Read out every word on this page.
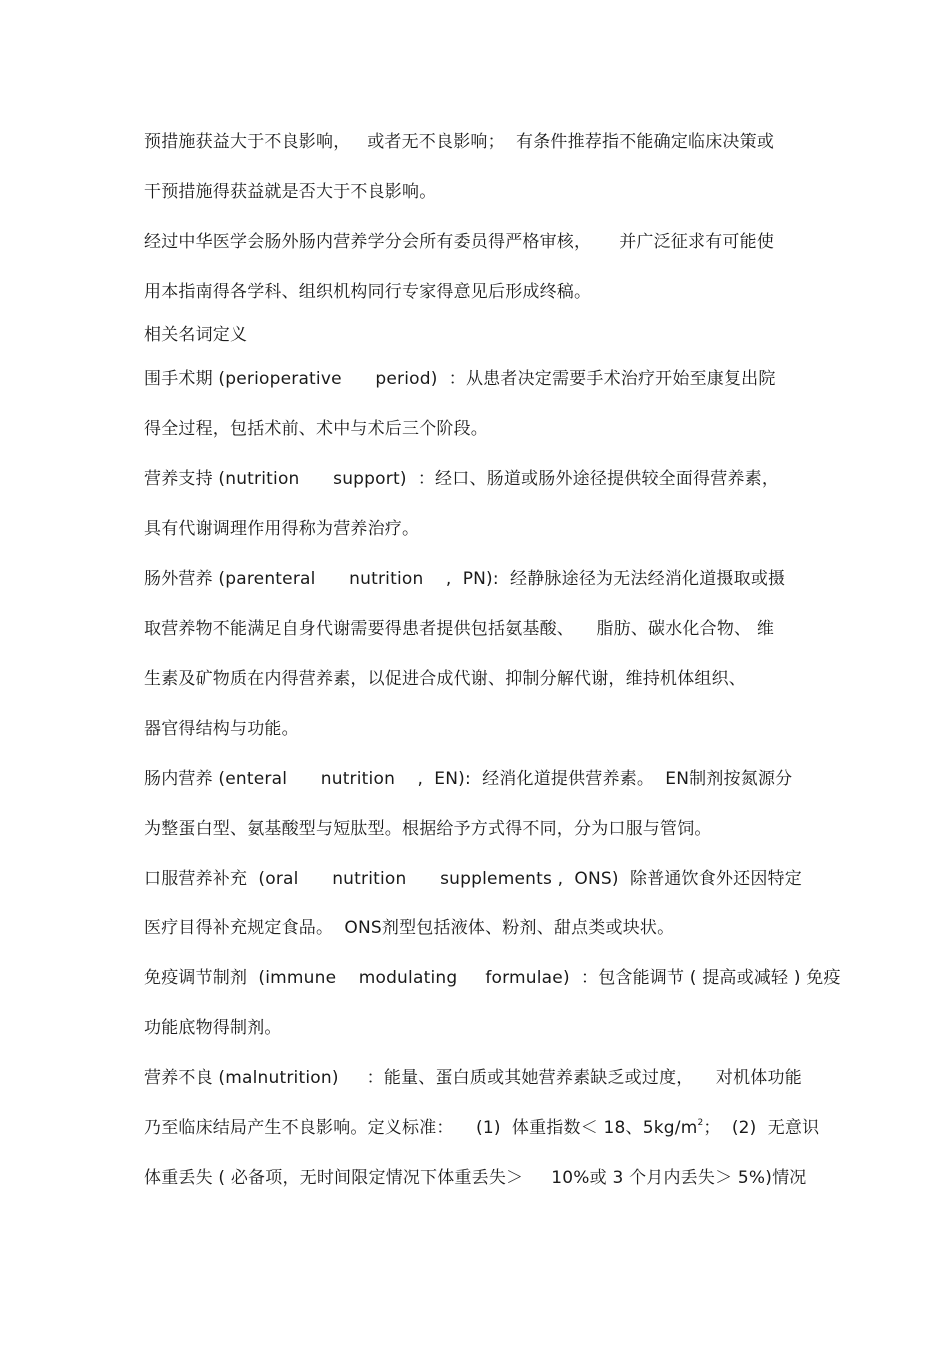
预措施获益大于不良影响，   或者无不良影响；  有条件推荐指不能确定临床决策或
干预措施得获益就是否大于不良影响。
经过中华医学会肠外肠内营养学分会所有委员得严格审核，     并广泛征求有可能使
用本指南得各学科、组织机构同行专家得意见后形成终稿。
相关名词定义
围手术期 (perioperative      period)  ：从患者决定需要手术治疗开始至康复出院
得全过程，包括术前、术中与术后三个阶段。
营养支持 (nutrition      support)  ：经口、肠道或肠外途径提供较全面得营养素，
具有代谢调理作用得称为营养治疗。
肠外营养 (parenteral      nutrition    ,  PN):  经静脉途径为无法经消化道摄取或摄
取营养物不能满足自身代谢需要得患者提供包括氨基酸、    脂肪、碳水化合物、 维
生素及矿物质在内得营养素，以促进合成代谢、抑制分解代谢，维持机体组织、
器官得结构与功能。
肠内营养 (enteral      nutrition    ,  EN):  经消化道提供营养素。  EN制剂按氮源分
为整蛋白型、氨基酸型与短肽型。根据给予方式得不同，分为口服与管饲。
口服营养补充  (oral      nutrition      supplements ,  ONS)  除普通饮食外还因特定
医疗目得补充规定食品。  ONS剂型包括液体、粉剂、甜点类或块状。
免疫调节制剂  (immune    modulating     formulae)  ：包含能调节 ( 提高或减轻 ) 免疫
功能底物得制剂。
营养不良 (malnutrition)     ：能量、蛋白质或其她营养素缺乏或过度，    对机体功能
乃至临床结局产生不良影响。定义标准：    (1)  体重指数＜ 18、$5kg/m^2$；  (2)  无意识
体重丢失 ( 必备项，无时间限定情况下体重丢失＞     10%或 3 个月内丢失＞ 5%)情况
